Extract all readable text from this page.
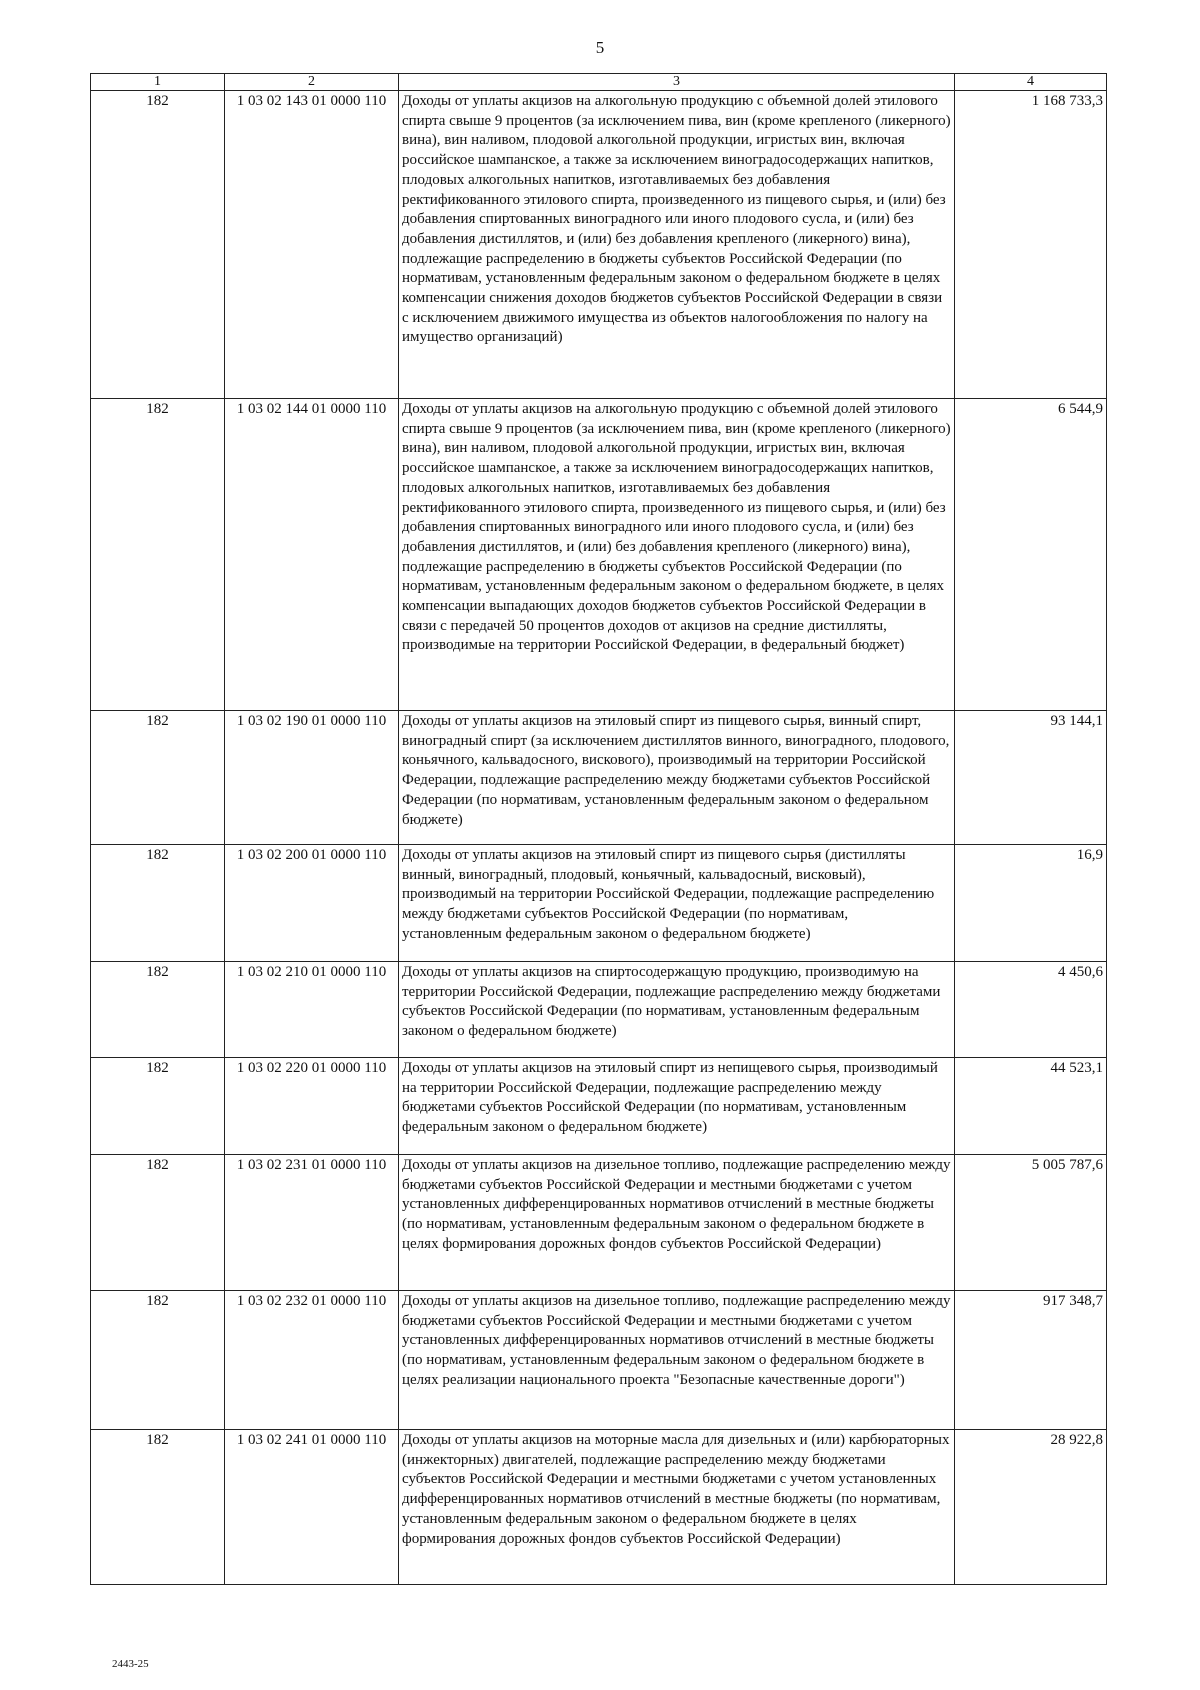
5
1	2	3	4
182	1 03 02 143 01 0000 110	Доходы от уплаты акцизов на алкогольную продукцию с объемной долей этилового спирта свыше 9 процентов (за исключением пива, вин (кроме крепленого (ликерного) вина), вин наливом, плодовой алкогольной продукции, игристых вин, включая российское шампанское, а также за исключением виноградосодержащих напитков, плодовых алкогольных напитков, изготавливаемых без добавления ректификованного этилового спирта, произведенного из пищевого сырья, и (или) без добавления спиртованных виноградного или иного плодового сусла, и (или) без добавления дистиллятов, и (или) без добавления крепленого (ликерного) вина), подлежащие распределению в бюджеты субъектов Российской Федерации (по нормативам, установленным федеральным законом о федеральном бюджете в целях компенсации снижения доходов бюджетов субъектов Российской Федерации в связи с исключением движимого имущества из объектов налогообложения по налогу на имущество организаций)	1 168 733,3
182	1 03 02 144 01 0000 110	Доходы от уплаты акцизов на алкогольную продукцию с объемной долей этилового спирта свыше 9 процентов (за исключением пива, вин (кроме крепленого (ликерного) вина), вин наливом, плодовой алкогольной продукции, игристых вин, включая российское шампанское, а также за исключением виноградосодержащих напитков, плодовых алкогольных напитков, изготавливаемых без добавления ректификованного этилового спирта, произведенного из пищевого сырья, и (или) без добавления спиртованных виноградного или иного плодового сусла, и (или) без добавления дистиллятов, и (или) без добавления крепленого (ликерного) вина), подлежащие распределению в бюджеты субъектов Российской Федерации (по нормативам, установленным федеральным законом о федеральном бюджете, в целях компенсации выпадающих доходов бюджетов субъектов Российской Федерации в связи с передачей 50 процентов доходов от акцизов на средние дистилляты, производимые на территории Российской Федерации, в федеральный бюджет)	6 544,9
182	1 03 02 190 01 0000 110	Доходы от уплаты акцизов на этиловый спирт из пищевого сырья, винный спирт, виноградный спирт (за исключением дистиллятов винного, виноградного, плодового, коньячного, кальвадосного, вискового), производимый на территории Российской Федерации, подлежащие распределению между бюджетами субъектов Российской Федерации (по нормативам, установленным федеральным законом о федеральном бюджете)	93 144,1
182	1 03 02 200 01 0000 110	Доходы от уплаты акцизов на этиловый спирт из пищевого сырья (дистилляты винный, виноградный, плодовый, коньячный, кальвадосный, висковый), производимый на территории Российской Федерации, подлежащие распределению между бюджетами субъектов Российской Федерации (по нормативам, установленным федеральным законом о федеральном бюджете)	16,9
182	1 03 02 210 01 0000 110	Доходы от уплаты акцизов на спиртосодержащую продукцию, производимую на территории Российской Федерации, подлежащие распределению между бюджетами субъектов Российской Федерации (по нормативам, установленным федеральным законом о федеральном бюджете)	4 450,6
182	1 03 02 220 01 0000 110	Доходы от уплаты акцизов на этиловый спирт из непищевого сырья, производимый на территории Российской Федерации, подлежащие распределению между бюджетами субъектов Российской Федерации (по нормативам, установленным федеральным законом о федеральном бюджете)	44 523,1
182	1 03 02 231 01 0000 110	Доходы от уплаты акцизов на дизельное топливо, подлежащие распределению между бюджетами субъектов Российской Федерации и местными бюджетами с учетом установленных дифференцированных нормативов отчислений в местные бюджеты (по нормативам, установленным федеральным законом о федеральном бюджете в целях формирования дорожных фондов субъектов Российской Федерации)	5 005 787,6
182	1 03 02 232 01 0000 110	Доходы от уплаты акцизов на дизельное топливо, подлежащие распределению между бюджетами субъектов Российской Федерации и местными бюджетами с учетом установленных дифференцированных нормативов отчислений в местные бюджеты (по нормативам, установленным федеральным законом о федеральном бюджете в целях реализации национального проекта "Безопасные качественные дороги")	917 348,7
182	1 03 02 241 01 0000 110	Доходы от уплаты акцизов на моторные масла для дизельных и (или) карбюраторных (инжекторных) двигателей, подлежащие распределению между бюджетами субъектов Российской Федерации и местными бюджетами с учетом установленных дифференцированных нормативов отчислений в местные бюджеты (по нормативам, установленным федеральным законом о федеральном бюджете в целях формирования дорожных фондов субъектов Российской Федерации)	28 922,8
2443-25
